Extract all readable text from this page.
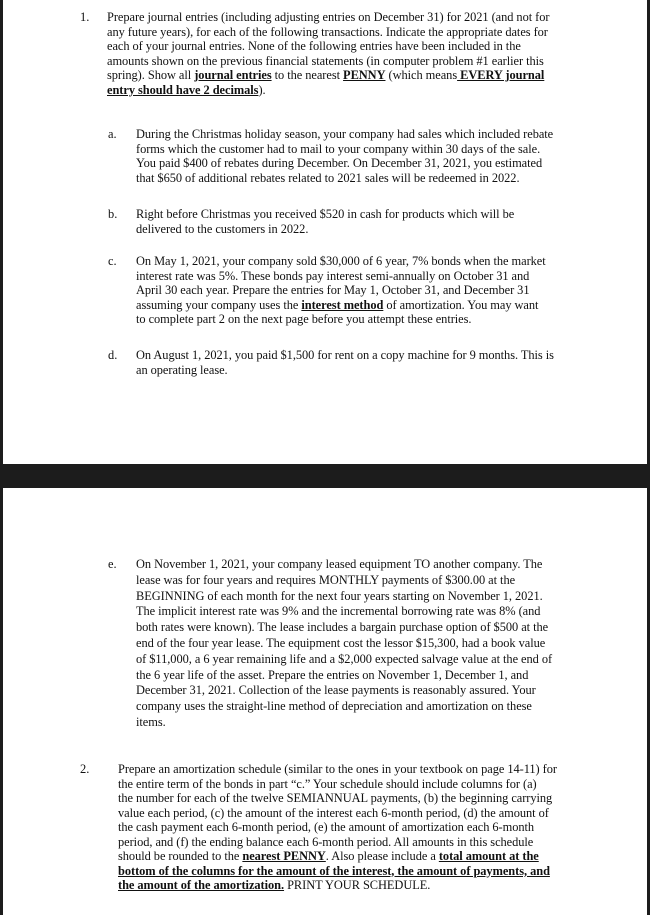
1. Prepare journal entries (including adjusting entries on December 31) for 2021 (and not for
any future years), for each of the following transactions. Indicate the appropriate dates for
each of your journal entries. None of the following entries have been included in the
amounts shown on the previous financial statements (in computer problem #1 earlier this
spring). Show all journal entries to the nearest PENNY (which means EVERY journal
entry should have 2 decimals).
a. During the Christmas holiday season, your company had sales which included rebate
forms which the customer had to mail to your company within 30 days of the sale.
You paid $400 of rebates during December. On December 31, 2021, you estimated
that $650 of additional rebates related to 2021 sales will be redeemed in 2022.
b. Right before Christmas you received $520 in cash for products which will be
delivered to the customers in 2022.
c. On May 1, 2021, your company sold $30,000 of 6 year, 7% bonds when the market
interest rate was 5%. These bonds pay interest semi-annually on October 31 and
April 30 each year. Prepare the entries for May 1, October 31, and December 31
assuming your company uses the interest method of amortization. You may want
to complete part 2 on the next page before you attempt these entries.
d. On August 1, 2021, you paid $1,500 for rent on a copy machine for 9 months. This is
an operating lease.
e. On November 1, 2021, your company leased equipment TO another company. The
lease was for four years and requires MONTHLY payments of $300.00 at the
BEGINNING of each month for the next four years starting on November 1, 2021.
The implicit interest rate was 9% and the incremental borrowing rate was 8% (and
both rates were known). The lease includes a bargain purchase option of $500 at the
end of the four year lease. The equipment cost the lessor $15,300, had a book value
of $11,000, a 6 year remaining life and a $2,000 expected salvage value at the end of
the 6 year life of the asset. Prepare the entries on November 1, December 1, and
December 31, 2021. Collection of the lease payments is reasonably assured. Your
company uses the straight-line method of depreciation and amortization on these
items.
2. Prepare an amortization schedule (similar to the ones in your textbook on page 14-11) for
the entire term of the bonds in part “c.” Your schedule should include columns for (a)
the number for each of the twelve SEMIANNUAL payments, (b) the beginning carrying
value each period, (c) the amount of the interest each 6-month period, (d) the amount of
the cash payment each 6-month period, (e) the amount of amortization each 6-month
period, and (f) the ending balance each 6-month period. All amounts in this schedule
should be rounded to the nearest PENNY. Also please include a total amount at the
bottom of the columns for the amount of the interest, the amount of payments, and
the amount of the amortization. PRINT YOUR SCHEDULE.
